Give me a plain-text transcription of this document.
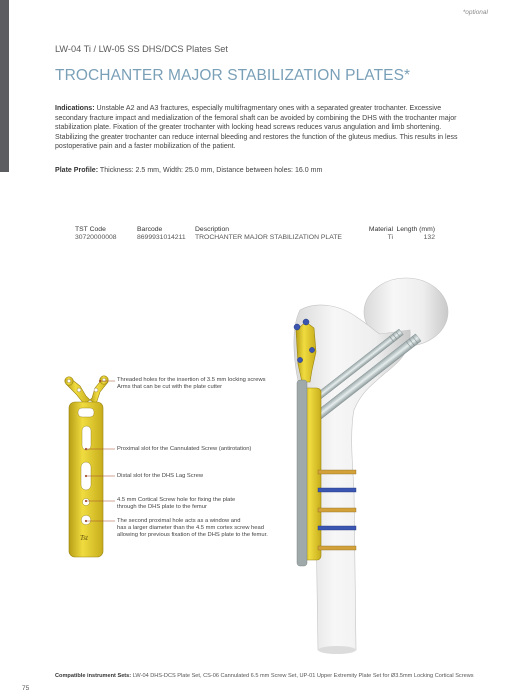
*optional
LW-04 Ti / LW-05 SS DHS/DCS Plates Set
TROCHANTER MAJOR STABILIZATION PLATES*
Indications: Unstable A2 and A3 fractures, especially multifragmentary ones with a separated greater trochanter. Excessive secondary fracture impact and medialization of the femoral shaft can be avoided by combining the DHS with the trochanter major stabilization plate. Fixation of the greater trochanter with locking head screws reduces varus angulation and limb shortening. Stabilizing the greater trochanter can reduce internal bleeding and restores the function of the gluteus medius. This results in less postoperative pain and a faster mobilization of the patient.
Plate Profile: Thickness: 2.5 mm, Width: 25.0 mm, Distance between holes: 16.0 mm
TST Code	Barcode	Description	Material	Length (mm)
30720000008	8699931014211	TROCHANTER MAJOR STABILIZATION PLATE	Ti	132
Tst
Threaded holes for the insertion of 3.5 mm locking screws
Arms that can be cut with the plate cutter
Proximal slot for the Cannulated Screw (antirotation)
Distal slot for the DHS Lag Screw
4.5 mm Cortical Screw hole for fixing the plate
through the DHS plate to the femur
The second proximal hole acts as a window and
has a larger diameter than the 4.5 mm cortex screw head
allowing for previous fixation of the DHS plate to the femur.
Compatible instrument Sets: LW-04 DHS-DCS Plate Set, CS-06 Cannulated 6.5 mm Screw Set, UP-01 Upper Extremity Plate Set for Ø3.5mm Locking Cortical Screws
75
